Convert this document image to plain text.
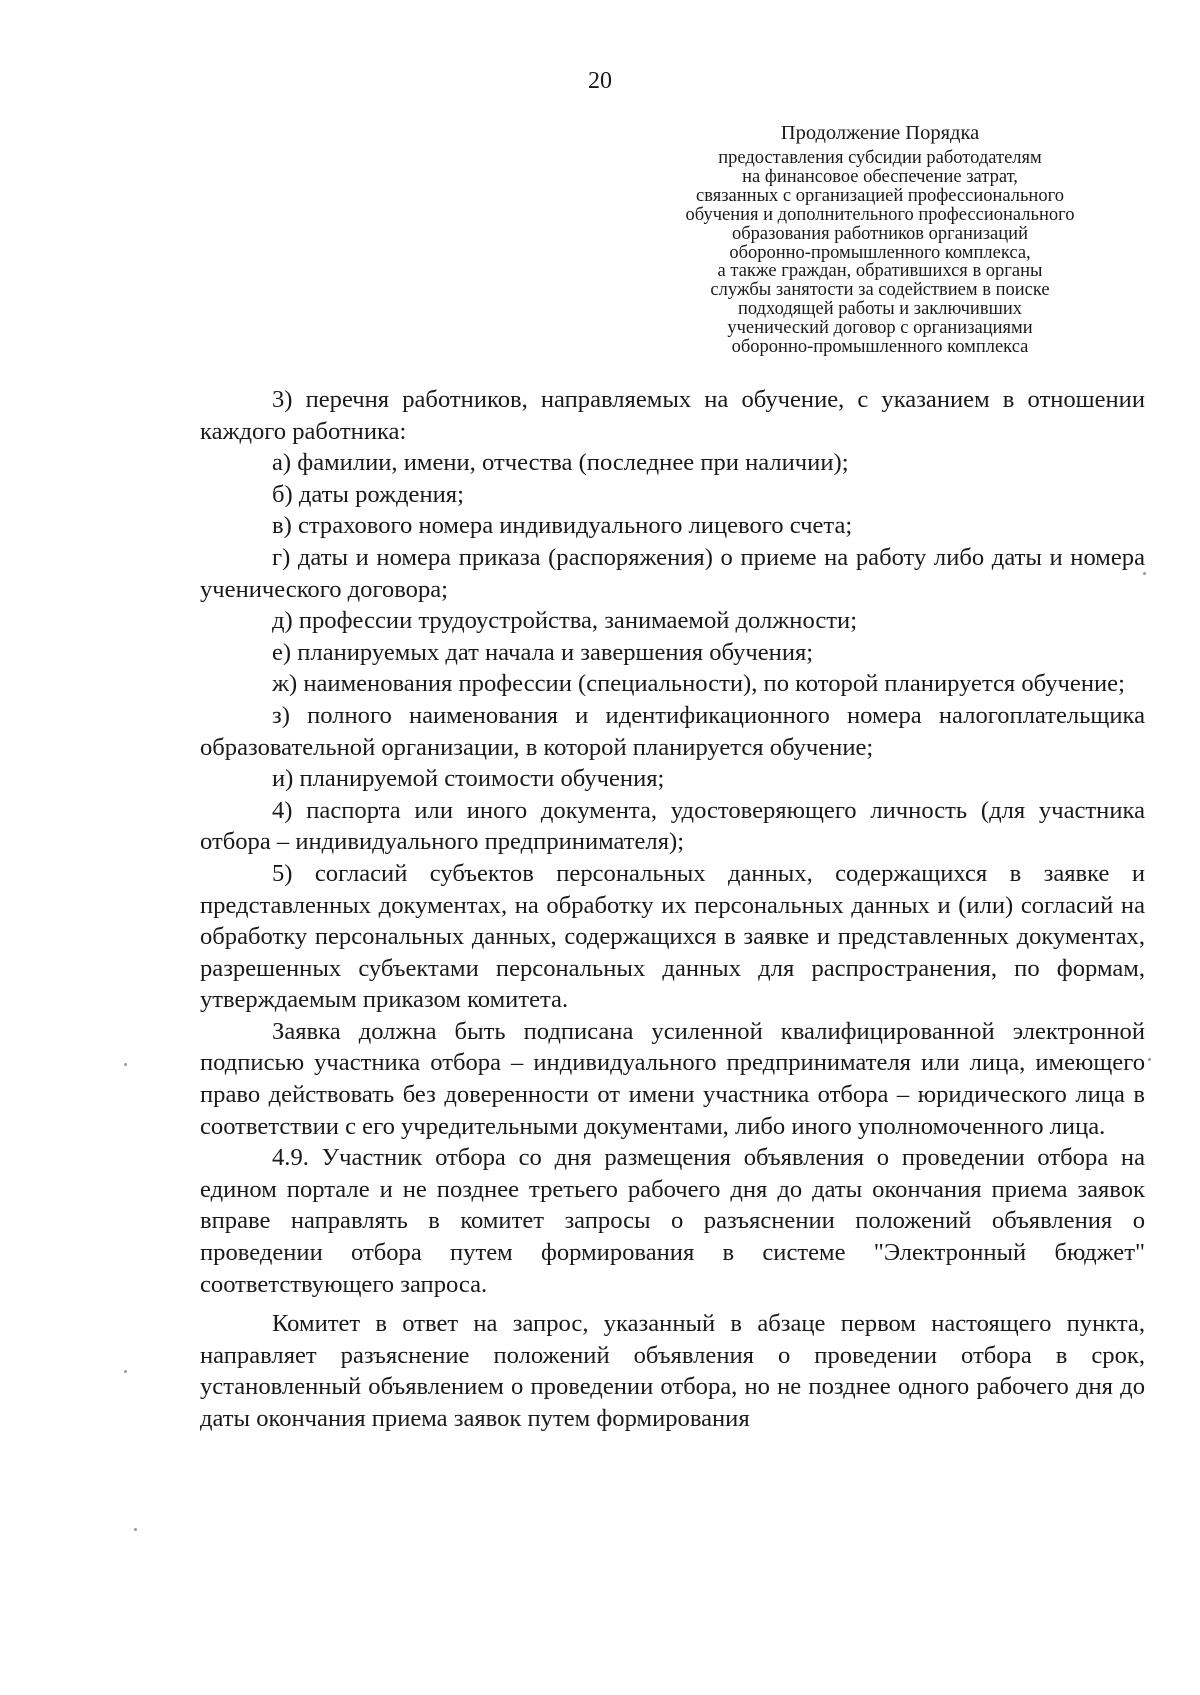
20
Продолжение Порядка
предоставления субсидии работодателям
на финансовое обеспечение затрат,
связанных с организацией профессионального
обучения и дополнительного профессионального
образования работников организаций
оборонно-промышленного комплекса,
а также граждан, обратившихся в органы
службы занятости за содействием в поиске
подходящей работы и заключивших
ученический договор с организациями
оборонно-промышленного комплекса

3) перечня работников, направляемых на обучение, с указанием в отношении каждого работника:

а) фамилии, имени, отчества (последнее при наличии);

б) даты рождения;

в) страхового номера индивидуального лицевого счета;

г) даты и номера приказа (распоряжения) о приеме на работу либо даты и номера ученического договора;

д) профессии трудоустройства, занимаемой должности;

е) планируемых дат начала и завершения обучения;

ж) наименования профессии (специальности), по которой планируется обучение;

з) полного наименования и идентификационного номера налогоплательщика образовательной организации, в которой планируется обучение;

и) планируемой стоимости обучения;

4) паспорта или иного документа, удостоверяющего личность (для участника отбора – индивидуального предпринимателя);

5) согласий субъектов персональных данных, содержащихся в заявке и представленных документах, на обработку их персональных данных и (или) согласий на обработку персональных данных, содержащихся в заявке и представленных документах, разрешенных субъектами персональных данных для распространения, по формам, утверждаемым приказом комитета.

Заявка должна быть подписана усиленной квалифицированной электронной подписью участника отбора – индивидуального предпринимателя или лица, имеющего право действовать без доверенности от имени участника отбора – юридического лица в соответствии с его учредительными документами, либо иного уполномоченного лица.

4.9. Участник отбора со дня размещения объявления о проведении отбора на едином портале и не позднее третьего рабочего дня до даты окончания приема заявок вправе направлять в комитет запросы о разъяснении положений объявления о проведении отбора путем формирования в системе "Электронный бюджет" соответствующего запроса.

Комитет в ответ на запрос, указанный в абзаце первом настоящего пункта, направляет разъяснение положений объявления о проведении отбора в срок, установленный объявлением о проведении отбора, но не позднее одного рабочего дня до даты окончания приема заявок путем формирования
